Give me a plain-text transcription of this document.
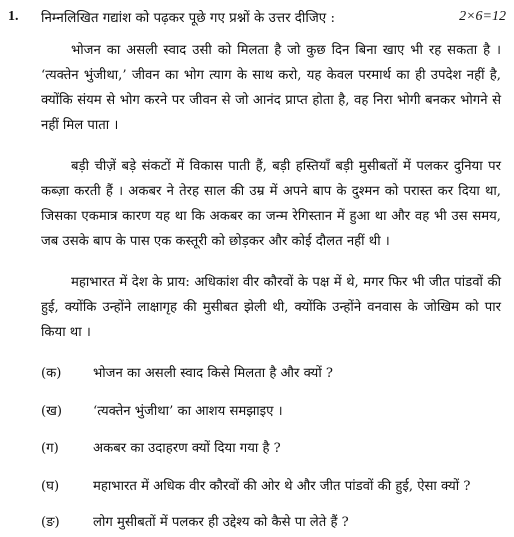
1. निम्नलिखित गद्यांश को पढ़कर पूछे गए प्रश्नों के उत्तर दीजिए :	2×6=12

भोजन का असली स्वाद उसी को मिलता है जो कुछ दिन बिना खाए भी रह सकता है । ‘त्यक्तेन भुंजीथा,’ जीवन का भोग त्याग के साथ करो, यह केवल परमार्थ का ही उपदेश नहीं है, क्योंकि संयम से भोग करने पर जीवन से जो आनंद प्राप्त होता है, वह निरा भोगी बनकर भोगने से नहीं मिल पाता ।

बड़ी चीज़ें बड़े संकटों में विकास पाती हैं, बड़ी हस्तियाँ बड़ी मुसीबतों में पलकर दुनिया पर कब्ज़ा करती हैं । अकबर ने तेरह साल की उम्र में अपने बाप के दुश्मन को परास्त कर दिया था, जिसका एकमात्र कारण यह था कि अकबर का जन्म रेगिस्तान में हुआ था और वह भी उस समय, जब उसके बाप के पास एक कस्तूरी को छोड़कर और कोई दौलत नहीं थी ।

महाभारत में देश के प्राय: अधिकांश वीर कौरवों के पक्ष में थे, मगर फिर भी जीत पांडवों की हुई, क्योंकि उन्होंने लाक्षागृह की मुसीबत झेली थी, क्योंकि उन्होंने वनवास के जोखिम को पार किया था ।

(क)	भोजन का असली स्वाद किसे मिलता है और क्यों ?
(ख)	‘त्यक्तेन भुंजीथा’ का आशय समझाइए ।
(ग)	अकबर का उदाहरण क्यों दिया गया है ?
(घ)	महाभारत में अधिक वीर कौरवों की ओर थे और जीत पांडवों की हुई, ऐसा क्यों ?
(ङ)	लोग मुसीबतों में पलकर ही उद्देश्य को कैसे पा लेते हैं ?
